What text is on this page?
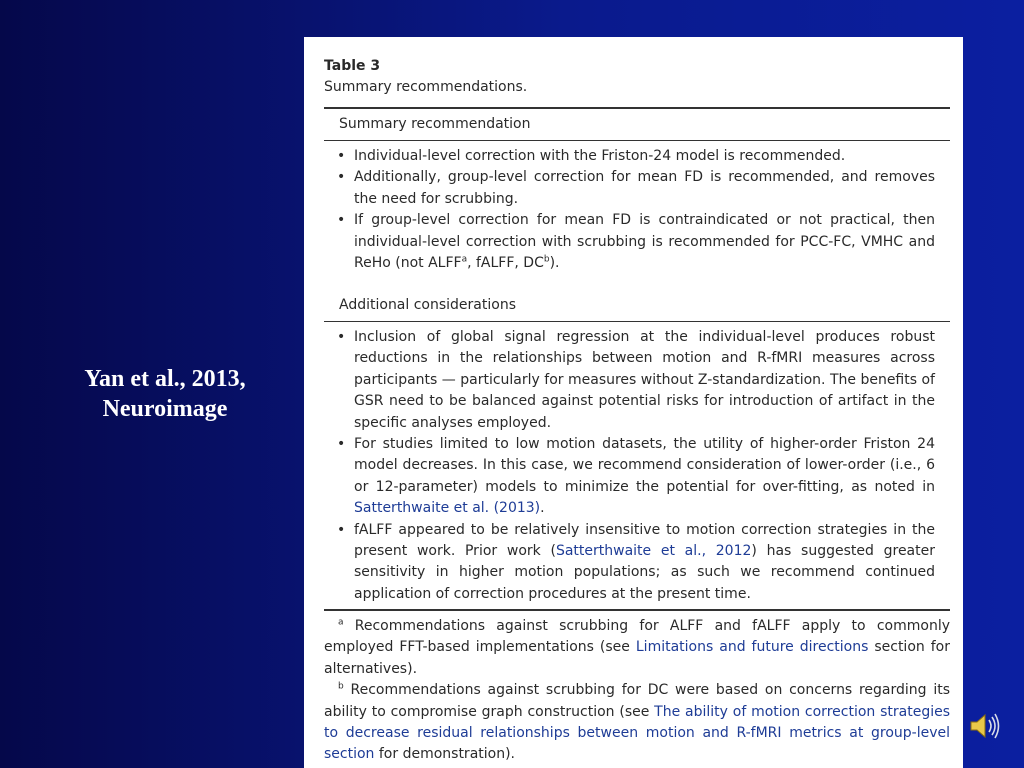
Yan et al., 2013,
Neuroimage
Table 3
Summary recommendations.
Summary recommendation
• Individual-level correction with the Friston-24 model is recommended.
• Additionally, group-level correction for mean FD is recommended, and removes the need for scrubbing.
• If group-level correction for mean FD is contraindicated or not practical, then individual-level correction with scrubbing is recommended for PCC-FC, VMHC and ReHo (not ALFF$^a$, fALFF, $DC^b$).
Additional considerations
• Inclusion of global signal regression at the individual-level produces robust reductions in the relationships between motion and R-fMRI measures across participants — particularly for measures without Z-standardization. The benefits of GSR need to be balanced against potential risks for introduction of artifact in the specific analyses employed.
• For studies limited to low motion datasets, the utility of higher-order Friston 24 model decreases. In this case, we recommend consideration of lower-order (i.e., 6 or 12-parameter) models to minimize the potential for over-fitting, as noted in Satterthwaite et al. (2013).
• fALFF appeared to be relatively insensitive to motion correction strategies in the present work. Prior work (Satterthwaite et al., 2012) has suggested greater sensitivity in higher motion populations; as such we recommend continued application of correction procedures at the present time.

$^a$ Recommendations against scrubbing for ALFF and fALFF apply to commonly employed FFT-based implementations (see Limitations and future directions section for alternatives).

$^b$ Recommendations against scrubbing for DC were based on concerns regarding its ability to compromise graph construction (see The ability of motion correction strategies to decrease residual relationships between motion and R-fMRI metrics at group-level section for demonstration).
